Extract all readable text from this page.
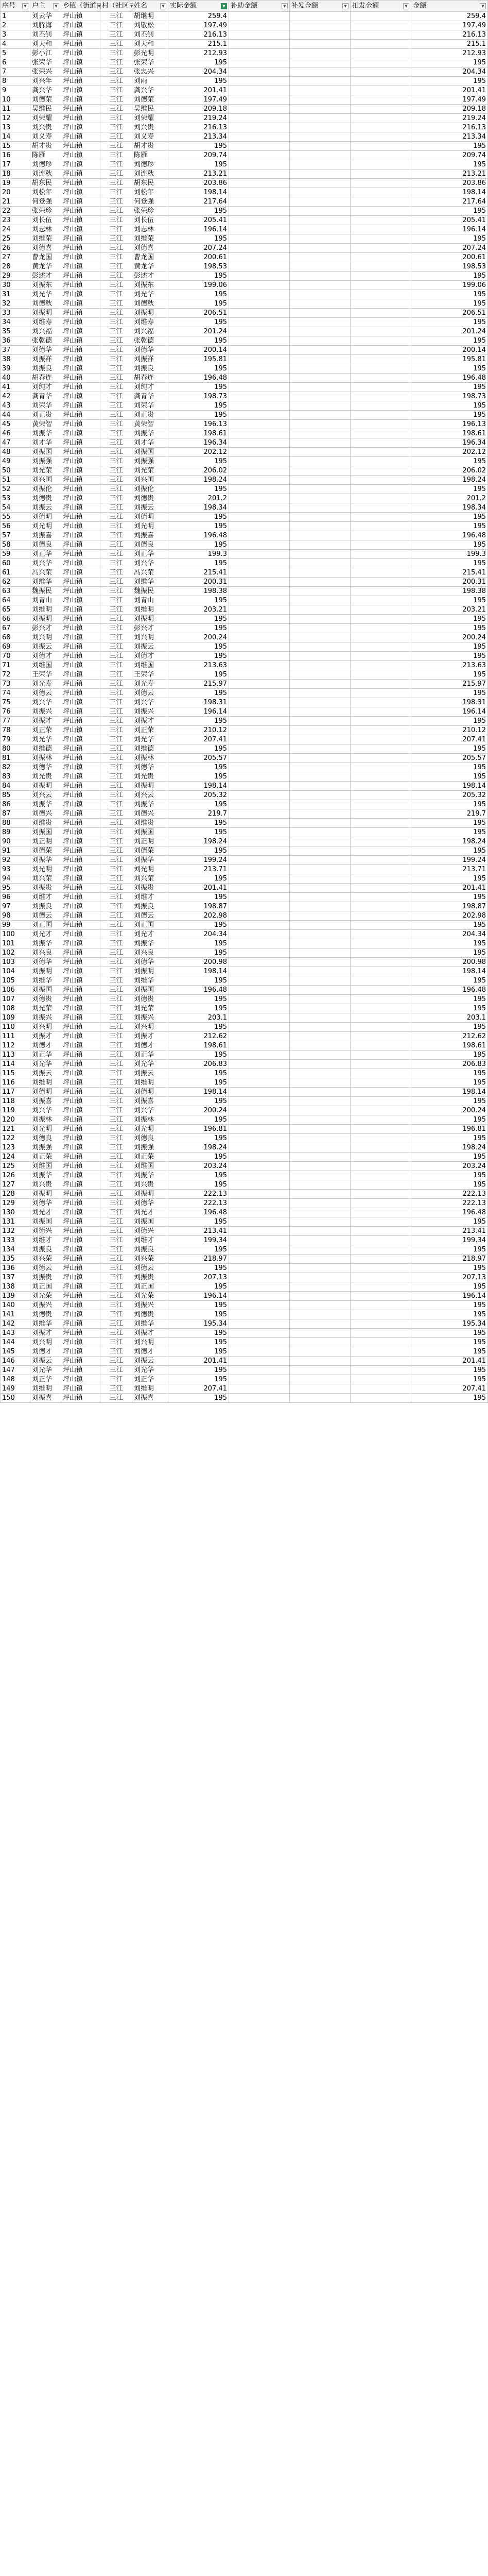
序号 ▼	户主 ▼	乡镇（街道 ▼	村（社区 ▼	姓名 ▼	实际金额 ▼	补助金额 ▼	补发金额 ▼	扣发金额 ▼	金额 ▼

1	刘云华	坪山镇	三江	胡继明	259.4				259.4
2	刘腾海	坪山镇	三江	刘敬松	197.49				197.49
3	刘丕钊	坪山镇	三江	刘丕钊	216.13				216.13
4	刘天和	坪山镇	三江	刘天和	215.1				215.1
5	彭小江	坪山镇	三江	彭光明	212.93				212.93
6	张荣华	坪山镇	三江	张荣华	195				195
7	张荣兴	坪山镇	三江	张忠兴	204.34				204.34
8	刘兴年	坪山镇	三江	刘雨	195				195
9	龚兴华	坪山镇	三江	龚兴华	201.41				201.41
10	刘德荣	坪山镇	三江	刘德荣	197.49				197.49
11	吴维民	坪山镇	三江	吴维民	209.18				209.18
12	刘荣耀	坪山镇	三江	刘荣耀	219.24				219.24
13	刘兴贵	坪山镇	三江	刘兴贵	216.13				216.13
14	刘义寿	坪山镇	三江	刘义寿	213.34				213.34
15	胡才贵	坪山镇	三江	胡才贵	195				195
16	陈雁	坪山镇	三江	陈雁	209.74				209.74
17	刘德珍	坪山镇	三江	刘德珍	195				195
18	刘连秋	坪山镇	三江	刘连秋	213.21				213.21
19	胡东民	坪山镇	三江	胡东民	203.86				203.86
20	刘松年	坪山镇	三江	刘松年	198.14				198.14
21	何登强	坪山镇	三江	何登强	217.64				217.64
22	张荣珍	坪山镇	三江	张荣珍	195				195
23	刘长伍	坪山镇	三江	刘长伍	205.41				205.41
24	刘志林	坪山镇	三江	刘志林	196.14				196.14
25	刘维荣	坪山镇	三江	刘维荣	195				195
26	刘德喜	坪山镇	三江	刘德喜	207.24				207.24
27	曹龙国	坪山镇	三江	曹龙国	200.61				200.61
28	黄龙华	坪山镇	三江	黄龙华	198.53				198.53
29	彭述才	坪山镇	三江	彭述才	195				195
30	刘振东	坪山镇	三江	刘振东	199.06				199.06
31	刘光华	坪山镇	三江	刘光华	195				195
32	刘德秋	坪山镇	三江	刘德秋	195				195
33	刘振明	坪山镇	三江	刘振明	206.51				206.51
34	刘维寿	坪山镇	三江	刘维寿	195				195
35	刘兴福	坪山镇	三江	刘兴福	201.24				201.24
36	张乾德	坪山镇	三江	张乾德	195				195
37	刘德华	坪山镇	三江	刘德华	200.14				200.14
38	刘振祥	坪山镇	三江	刘振祥	195.81				195.81
39	刘振良	坪山镇	三江	刘振良	195				195
40	胡春连	坪山镇	三江	胡春连	196.48				196.48
41	刘纯才	坪山镇	三江	刘纯才	195				195
42	龚青华	坪山镇	三江	龚青华	198.73				198.73
43	刘荣华	坪山镇	三江	刘荣华	195				195
44	刘正贵	坪山镇	三江	刘正贵	195				195
45	黄荣智	坪山镇	三江	黄荣智	196.13				196.13
46	刘振华	坪山镇	三江	刘振华	198.61				198.61
47	刘才华	坪山镇	三江	刘才华	196.34				196.34
48	刘振国	坪山镇	三江	刘振国	202.12				202.12
49	刘振强	坪山镇	三江	刘振强	195				195
50	刘光荣	坪山镇	三江	刘光荣	206.02				206.02
51	刘兴国	坪山镇	三江	刘兴国	198.24				198.24
52	刘振伦	坪山镇	三江	刘振伦	195				195
53	刘德贵	坪山镇	三江	刘德贵	201.2				201.2
54	刘振云	坪山镇	三江	刘振云	198.34				198.34
55	刘德明	坪山镇	三江	刘德明	195				195
56	刘光明	坪山镇	三江	刘光明	195				195
57	刘振喜	坪山镇	三江	刘振喜	196.48				196.48
58	刘德良	坪山镇	三江	刘德良	195				195
59	刘正华	坪山镇	三江	刘正华	199.3				199.3
60	刘兴华	坪山镇	三江	刘兴华	195				195
61	冯兴荣	坪山镇	三江	冯兴荣	215.41				215.41
62	刘维华	坪山镇	三江	刘维华	200.31				200.31
63	魏振民	坪山镇	三江	魏振民	198.38				198.38
64	刘青山	坪山镇	三江	刘青山	195				195
65	刘维明	坪山镇	三江	刘维明	203.21				203.21
66	刘振明	坪山镇	三江	刘振明	195				195
67	彭兴才	坪山镇	三江	彭兴才	195				195
68	刘兴明	坪山镇	三江	刘兴明	200.24				200.24
69	刘振云	坪山镇	三江	刘振云	195				195
70	刘德才	坪山镇	三江	刘德才	195				195
71	刘维国	坪山镇	三江	刘维国	213.63				213.63
72	王荣华	坪山镇	三江	王荣华	195				195
73	刘光寿	坪山镇	三江	刘光寿	215.97				215.97
74	刘德云	坪山镇	三江	刘德云	195				195
75	刘兴华	坪山镇	三江	刘兴华	198.31				198.31
76	刘振兴	坪山镇	三江	刘振兴	196.14				196.14
77	刘振才	坪山镇	三江	刘振才	195				195
78	刘正荣	坪山镇	三江	刘正荣	210.12				210.12
79	刘光华	坪山镇	三江	刘光华	207.41				207.41
80	刘维德	坪山镇	三江	刘维德	195				195
81	刘振林	坪山镇	三江	刘振林	205.57				205.57
82	刘德华	坪山镇	三江	刘德华	195				195
83	刘光贵	坪山镇	三江	刘光贵	195				195
84	刘振明	坪山镇	三江	刘振明	198.14				198.14
85	刘兴云	坪山镇	三江	刘兴云	205.32				205.32
86	刘振华	坪山镇	三江	刘振华	195				195
87	刘德兴	坪山镇	三江	刘德兴	219.7				219.7
88	刘维贵	坪山镇	三江	刘维贵	195				195
89	刘振国	坪山镇	三江	刘振国	195				195
90	刘正明	坪山镇	三江	刘正明	198.24				198.24
91	刘德荣	坪山镇	三江	刘德荣	195				195
92	刘振华	坪山镇	三江	刘振华	199.24				199.24
93	刘光明	坪山镇	三江	刘光明	213.71				213.71
94	刘兴荣	坪山镇	三江	刘兴荣	195				195
95	刘振贵	坪山镇	三江	刘振贵	201.41				201.41
96	刘维才	坪山镇	三江	刘维才	195				195
97	刘振良	坪山镇	三江	刘振良	198.87				198.87
98	刘德云	坪山镇	三江	刘德云	202.98				202.98
99	刘正国	坪山镇	三江	刘正国	195				195
100	刘光才	坪山镇	三江	刘光才	204.34				204.34
101	刘振华	坪山镇	三江	刘振华	195				195
102	刘兴良	坪山镇	三江	刘兴良	195				195
103	刘德华	坪山镇	三江	刘德华	200.98				200.98
104	刘振明	坪山镇	三江	刘振明	198.14				198.14
105	刘维华	坪山镇	三江	刘维华	195				195
106	刘振国	坪山镇	三江	刘振国	196.48				196.48
107	刘德贵	坪山镇	三江	刘德贵	195				195
108	刘光荣	坪山镇	三江	刘光荣	195				195
109	刘振兴	坪山镇	三江	刘振兴	203.1				203.1
110	刘兴明	坪山镇	三江	刘兴明	195				195
111	刘振才	坪山镇	三江	刘振才	212.62				212.62
112	刘德才	坪山镇	三江	刘德才	198.61				198.61
113	刘正华	坪山镇	三江	刘正华	195				195
114	刘光华	坪山镇	三江	刘光华	206.83				206.83
115	刘振云	坪山镇	三江	刘振云	195				195
116	刘维明	坪山镇	三江	刘维明	195				195
117	刘德明	坪山镇	三江	刘德明	198.14				198.14
118	刘振喜	坪山镇	三江	刘振喜	195				195
119	刘兴华	坪山镇	三江	刘兴华	200.24				200.24
120	刘振林	坪山镇	三江	刘振林	195				195
121	刘光明	坪山镇	三江	刘光明	196.81				196.81
122	刘德良	坪山镇	三江	刘德良	195				195
123	刘振强	坪山镇	三江	刘振强	198.24				198.24
124	刘正荣	坪山镇	三江	刘正荣	195				195
125	刘维国	坪山镇	三江	刘维国	203.24				203.24
126	刘振华	坪山镇	三江	刘振华	195				195
127	刘兴贵	坪山镇	三江	刘兴贵	195				195
128	刘振明	坪山镇	三江	刘振明	222.13				222.13
129	刘德华	坪山镇	三江	刘德华	222.13				222.13
130	刘光才	坪山镇	三江	刘光才	196.48				196.48
131	刘振国	坪山镇	三江	刘振国	195				195
132	刘德兴	坪山镇	三江	刘德兴	213.41				213.41
133	刘维才	坪山镇	三江	刘维才	199.34				199.34
134	刘振良	坪山镇	三江	刘振良	195				195
135	刘兴荣	坪山镇	三江	刘兴荣	218.97				218.97
136	刘德云	坪山镇	三江	刘德云	195				195
137	刘振贵	坪山镇	三江	刘振贵	207.13				207.13
138	刘正国	坪山镇	三江	刘正国	195				195
139	刘光荣	坪山镇	三江	刘光荣	196.14				196.14
140	刘振兴	坪山镇	三江	刘振兴	195				195
141	刘德贵	坪山镇	三江	刘德贵	195				195
142	刘维华	坪山镇	三江	刘维华	195.34				195.34
143	刘振才	坪山镇	三江	刘振才	195				195
144	刘兴明	坪山镇	三江	刘兴明	195				195
145	刘德才	坪山镇	三江	刘德才	195				195
146	刘振云	坪山镇	三江	刘振云	201.41				201.41
147	刘光华	坪山镇	三江	刘光华	195				195
148	刘正华	坪山镇	三江	刘正华	195				195
149	刘维明	坪山镇	三江	刘维明	207.41				207.41
150	刘振喜	坪山镇	三江	刘振喜	195				195
